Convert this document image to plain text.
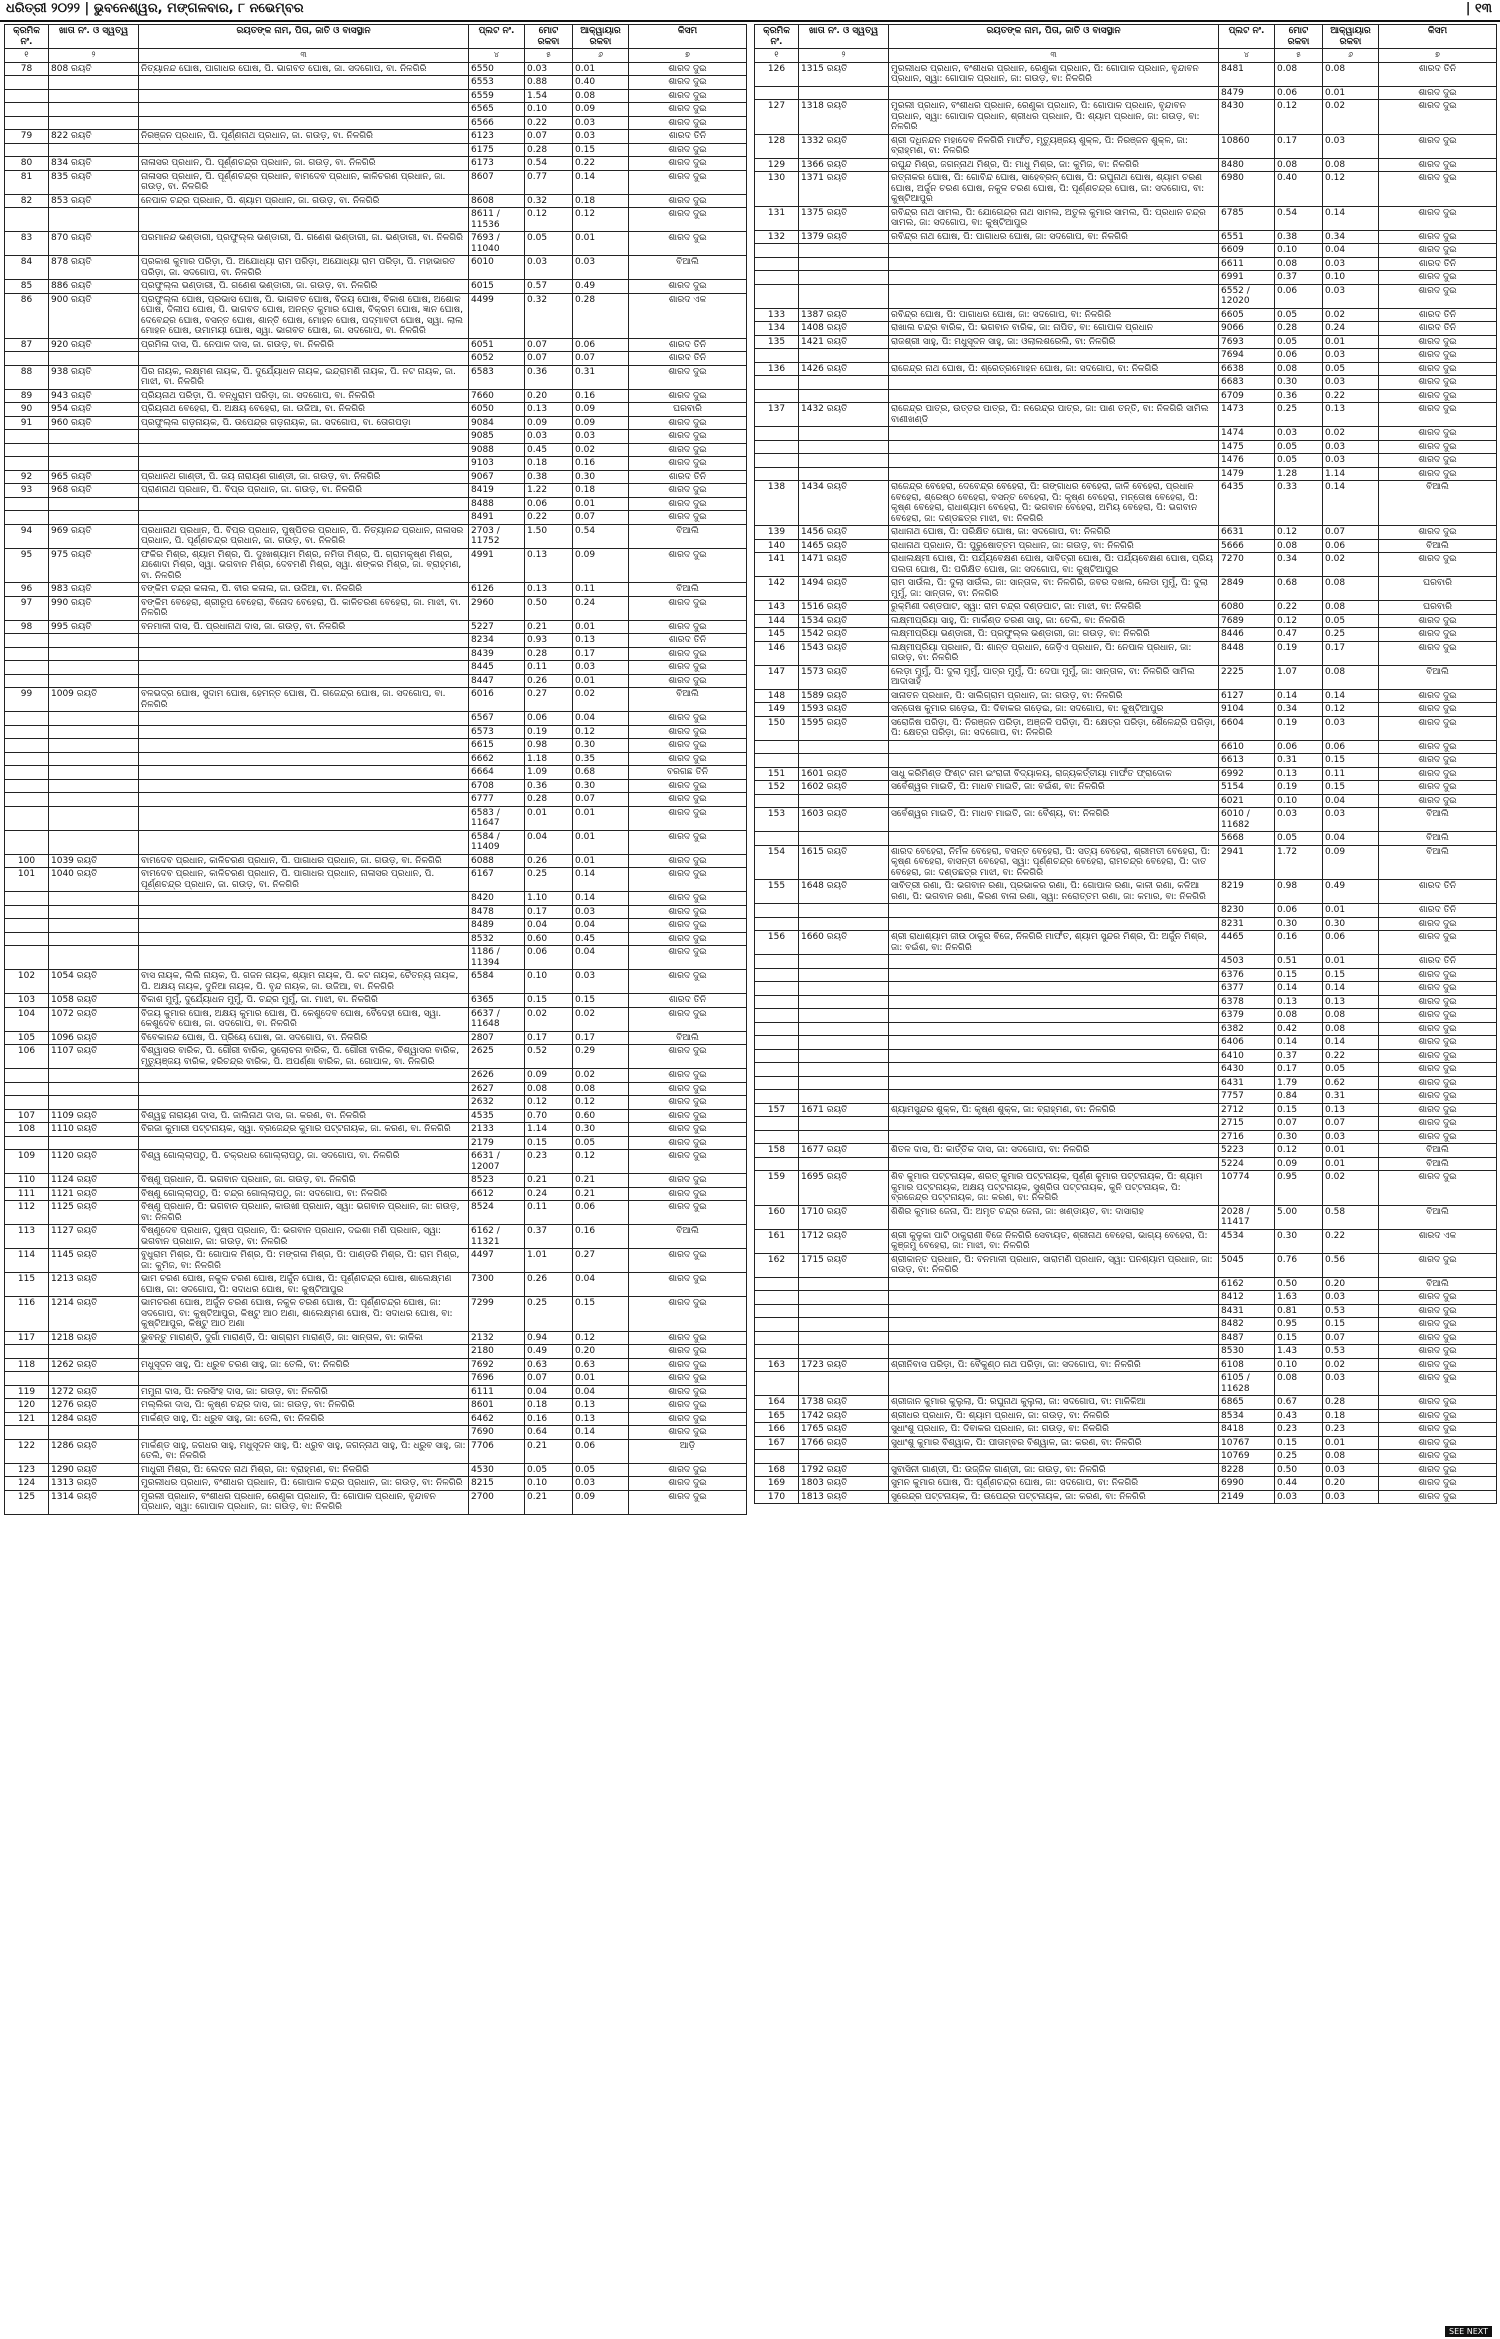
ଧରିତ୍ରୀ ୨୦୨୨ | ଭୁବନେଶ୍ୱର, ମଙ୍ଗଳବାର, ୮ ନଭେମ୍ବର	| ୧୩
କ୍ରମିକ ନଂ.	ଖାତା ନଂ. ଓ ସ୍ୱତ୍ୱ	ରୟତଙ୍କ ନାମ, ପିତା, ଜାତି ଓ ବାସସ୍ଥାନ	ପ୍ଲଟ ନଂ.	ମୋଟ ରକବା	ଆକ୍ୱାୟାର ରକବା	କିସମ
୧	୨	୩	୪	୫	୬	୭
78	808 ରୟତି	ନିତ୍ୟାନନ୍ଦ ଘୋଷ, ପାଗାଧର ଘୋଷ, ପି. ଭାଗବତ ଘୋଷ, ଜା. ସଦଗୋପ, ବା. ନିଳଗିରି	6550	0.03	0.01	ଶାରଦ ଦୁଇ
			6553	0.88	0.40	ଶାରଦ ଦୁଇ
			6559	1.54	0.08	ଶାରଦ ଦୁଇ
			6565	0.10	0.09	ଶାରଦ ଦୁଇ
			6566	0.22	0.03	ଶାରଦ ଦୁଇ
79	822 ରୟତି	ନିରଞ୍ଜନ ପ୍ରଧାନ, ପି. ପୂର୍ଣ୍ଣନାଥ ପ୍ରଧାନ, ଜା. ଗଉଡ଼, ବା. ନିଳଗିରି	6123	0.07	0.03	ଶାରଦ ତିନି
			6175	0.28	0.15	ଶାରଦ ଦୁଇ
80	834 ରୟତି	ନାଳାସର ପ୍ରଧାନ, ପି. ପୂର୍ଣ୍ଣଚନ୍ଦ୍ର ପ୍ରଧାନ, ଜା. ଗଉଡ଼, ବା. ନିଳଗିରି	6173	0.54	0.22	ଶାରଦ ଦୁଇ
81	835 ରୟତି	ନାଳାସର ପ୍ରଧାନ, ପି. ପୂର୍ଣ୍ଣଚନ୍ଦ୍ର ପ୍ରଧାନ, ବାମଦେବ ପ୍ରଧାନ, କାଳିଚରଣ ପ୍ରଧାନ, ଜା. ଗଉଡ଼, ବା. ନିଳଗିରି	8607	0.77	0.14	ଶାରଦ ଦୁଇ
82	853 ରୟତି	ନେପାଳ ଚନ୍ଦ୍ର ପ୍ରଧାନ, ପି. ଶ୍ୟାମ ପ୍ରଧାନ, ଜା. ଗଉଡ଼, ବା. ନିଳଗିରି	8608	0.32	0.18	ଶାରଦ ଦୁଇ
			8611 / 11536	0.12	0.12	ଶାରଦ ଦୁଇ
83	870 ରୟତି	ପରମାନନ୍ଦ ଭଣ୍ଡାରୀ, ପ୍ରଫୁଲ୍ଲ ଭଣ୍ଡାରୀ, ପି. ଗଣେଶ ଭଣ୍ଡାରୀ, ଜା. ଭଣ୍ଡାରୀ, ବା. ନିଳଗିରି	7693 / 11040	0.05	0.01	ଶାରଦ ଦୁଇ
84	878 ରୟତି	ପ୍ରକାଶ କୁମାର ପରିଡ଼ା, ପି. ଅଯୋଧ୍ୟା ରାମ ପରିଡ଼ା, ଅଯୋଧ୍ୟା ରାମ ପରିଡ଼ା, ପି. ମହାଭାରତ ପରିଡ଼ା, ଜା. ସଦଗୋପ, ବା. ନିଳଗିରି	6010	0.03	0.03	ବିଆଲି
85	886 ରୟତି	ପ୍ରଫୁଲ୍ଲ ଭଣ୍ଡାରୀ, ପି. ଗଣେଶ ଭଣ୍ଡାରୀ, ଜା. ଗଉଡ଼, ବା. ନିଳଗିରି	6015	0.57	0.49	ଶାରଦ ଦୁଇ
86	900 ରୟତି	ପ୍ରଫୁଲ୍ଲ ଘୋଷ, ପ୍ରଭାସ ଘୋଷ, ପି. ଭାଗବତ ଘୋଷ, ବିଜୟ ଘୋଷ, ବିକାଶ ଘୋଷ, ଅଶୋକ ଘୋଷ, ଦିଲୀପ ଘୋଷ, ପି. ଭାଗବତ ଘୋଷ, ଅନନ୍ତ କୁମାର ଘୋଷ, ବିକ୍ରମ ଘୋଷ, ଜ୍ଞାନ ଘୋଷ, ଦେବେନ୍ଦ୍ର ଘୋଷ, ବସନ୍ତ ଘୋଷ, ଶାନ୍ତି ଘୋଷ, ମୋହନ ଘୋଷ, ପଦ୍ମାବତୀ ଘୋଷ, ସ୍ୱା. ଲାଲ ମୋହନ ଘୋଷ, ଉମାମୟୀ ଘୋଷ, ସ୍ୱା. ଭାଗବତ ଘୋଷ, ଜା. ସଦଗୋପ, ବା. ନିଳଗିରି	4499	0.32	0.28	ଶାରଦ ଏକ
87	920 ରୟତି	ପ୍ରମିଳା ଦାସ, ପି. ନେପାଳ ଦାସ, ଜା. ଗଉଡ଼, ବା. ନିଳଗିରି	6051	0.07	0.06	ଶାରଦ ତିନି
			6052	0.07	0.07	ଶାରଦ ତିନି
88	938 ରୟତି	ପିର ନାୟକ, ଲକ୍ଷ୍ମଣ ନାୟକ, ପି. ଦୁର୍ଯ୍ୟୋଧନ ନାୟକ, ଇନ୍ଦ୍ରାମଣି ନାୟକ, ପି. ନଟ ନାୟକ, ଜା. ମାଝୀ, ବା. ନିଳଗିରି	6583	0.36	0.31	ଶାରଦ ଦୁଇ
89	943 ରୟତି	ପ୍ରିୟନାଥ ପରିଡ଼ା, ପି. ବନ୍ଧୁରାମ ପରିଡ଼ା, ଜା. ସଦଗୋପ, ବା. ନିଳଗିରି	7660	0.20	0.16	ଶାରଦ ଦୁଇ
90	954 ରୟତି	ପ୍ରିୟନାଥ ବେହେରା, ପି. ଅକ୍ଷୟ ବେହେରା, ଜା. ଉଜିଆ, ବା. ନିଳଗିରି	6050	0.13	0.09	ଘରବାରି
91	960 ରୟତି	ପ୍ରଫୁଲ୍ଲ ଗଡ଼ନାୟକ, ପି. ଉପେନ୍ଦ୍ର ଗଡ଼ନାୟକ, ଜା. ସଦଗୋପ, ବା. ତୋଗପଡ଼ା	9084	0.09	0.09	ଶାରଦ ଦୁଇ
			9085	0.03	0.03	ଶାରଦ ଦୁଇ
			9088	0.45	0.02	ଶାରଦ ଦୁଇ
			9103	0.18	0.16	ଶାରଦ ଦୁଇ
92	965 ରୟତି	ପ୍ରଧାନଥ ଗାଣ୍ଡୀ, ପି. ଜୟ ନାରାୟଣ ଗାଣ୍ଡୀ, ଜା. ଗଉଡ଼, ବା. ନିଳଗିରି	9067	0.38	0.30	ଶାରଦ ତିନି
93	968 ରୟତି	ପ୍ରାଣନାଥ ପ୍ରଧାନ, ପି. ବିପ୍ର ପ୍ରଧାନ, ଜା. ଗଉଡ଼, ବା. ନିଳଗିରି	8419	1.22	0.18	ଶାରଦ ଦୁଇ
			8488	0.06	0.01	ଶାରଦ ଦୁଇ
			8491	0.22	0.07	ଶାରଦ ଦୁଇ
94	969 ରୟତି	ପ୍ରଧାନାଥ ପ୍ରଧାନ, ପି. ବିପ୍ର ପ୍ରଧାନ, ପୁଷ୍ପିତର ପ୍ରଧାନ, ପି. ନିତ୍ୟାନନ୍ଦ ପ୍ରଧାନ, ନାଳାସର ପ୍ରଧାନ, ପି. ପୂର୍ଣ୍ଣଚନ୍ଦ୍ର ପ୍ରଧାନ, ଜା. ଗଉଡ଼, ବା. ନିଳଗିରି	2703 / 11752	1.50	0.54	ବିଆଲି
95	975 ରୟତି	ଫକିର ମିଶ୍ର, ଶ୍ୟାମ ମିଶ୍ର, ପି. ଦୁଃଖଶ୍ୟାମ ମିଶ୍ର, ନମିତା ମିଶ୍ର, ପି. ଗ୍ରାମକୃଷ୍ଣ ମିଶ୍ର, ଯଶୋଦା ମିଶ୍ର, ସ୍ୱା. ଭଗବାନ ମିଶ୍ର, ଦେବମଣି ମିଶ୍ର, ସ୍ୱା. ଶଙ୍କର ମିଶ୍ର, ଜା. ବ୍ରାହ୍ମଣ, ବା. ନିଳଗିରି	4991	0.13	0.09	ଶାରଦ ଦୁଇ
96	983 ରୟତି	ବଙ୍କିମ ଚନ୍ଦ୍ର କଳାଲ, ପି. ବୀର କଳାଲ, ଜା. ଉଜିଆ, ବା. ନିଳଗିରି	6126	0.13	0.11	ବିଆଲି
97	990 ରୟତି	ବଙ୍କିମ ବେହେରା, ଶ୍ରୀରୂପ ବେହେରା, ବିନୋଦ ବେହେରା, ପି. କାଳିଚରଣ ବେହେରା, ଜା. ମାଝୀ, ବା. ନିଳଗିରି	2960	0.50	0.24	ଶାରଦ ଦୁଇ
98	995 ରୟତି	ବନମାଳୀ ଦାସ, ପି. ପ୍ରଧାନାଥ ଦାସ, ଜା. ଗଉଡ଼, ବା. ନିଳଗିରି	5227	0.21	0.01	ଶାରଦ ଦୁଇ
			8234	0.93	0.13	ଶାରଦ ତିନି
			8439	0.28	0.17	ଶାରଦ ଦୁଇ
			8445	0.11	0.03	ଶାରଦ ଦୁଇ
			8447	0.26	0.01	ଶାରଦ ଦୁଇ
99	1009 ରୟତି	ବଳଭଦ୍ର ଘୋଷ, ସୁଦାମ ଘୋଷ, ହେମନ୍ତ ଘୋଷ, ପି. ଗଜେନ୍ଦ୍ର ଘୋଷ, ଜା. ସଦଗୋପ, ବା. ନିଳଗିରି	6016	0.27	0.02	ବିଆଲି
			6567	0.06	0.04	ଶାରଦ ଦୁଇ
			6573	0.19	0.12	ଶାରଦ ଦୁଇ
			6615	0.98	0.30	ଶାରଦ ଦୁଇ
			6662	1.18	0.35	ଶାରଦ ଦୁଇ
			6664	1.09	0.68	ବରଗଛ ତିନି
			6708	0.36	0.30	ଶାରଦ ଦୁଇ
			6777	0.28	0.07	ଶାରଦ ଦୁଇ
			6583 / 11647	0.01	0.01	ଶାରଦ ଦୁଇ
			6584 / 11409	0.04	0.01	ଶାରଦ ଦୁଇ
100	1039 ରୟତି	ବାମଦେବ ପ୍ରଧାନ, କାଳିଚରଣ ପ୍ରଧାନ, ପି. ପାଗାଧର ପ୍ରଧାନ, ଜା. ଗଉଡ଼, ବା. ନିଳଗିରି	6088	0.26	0.01	ଶାରଦ ଦୁଇ
101	1040 ରୟତି	ବାମଦେବ ପ୍ରଧାନ, କାଳିଚରଣ ପ୍ରଧାନ, ପି. ପାଗାଧର ପ୍ରଧାନ, ନାଳାସର ପ୍ରଧାନ, ପି. ପୂର୍ଣ୍ଣଚନ୍ଦ୍ର ପ୍ରଧାନ, ଜା. ଗଉଡ଼, ବା. ନିଳଗିରି	6167	0.25	0.14	ଶାରଦ ଦୁଇ
			8420	1.10	0.14	ଶାରଦ ଦୁଇ
			8478	0.17	0.03	ଶାରଦ ଦୁଇ
			8489	0.04	0.04	ଶାରଦ ଦୁଇ
			8532	0.60	0.45	ଶାରଦ ଦୁଇ
			1186 / 11394	0.06	0.04	ଶାରଦ ଦୁଇ
102	1054 ରୟତି	ବାସ ନାୟକ, ଲିଲି ନାୟକ, ପି. ଗଜନ ନାୟକ, ଶ୍ୟାମ ନାୟକ, ପି. କଟ ନାୟକ, ଚୈତନ୍ୟ ନାୟକ, ପି. ଅକ୍ଷୟ ନାୟକ, ଦୁନିଆ ନାୟକ, ପି. ବୃନ୍ଦ ନାୟକ, ଜା. ଉଜିଆ, ବା. ନିଳଗିରି	6584	0.10	0.03	ଶାରଦ ଦୁଇ
103	1058 ରୟତି	ବିକାଶ ମୁର୍ମୁ, ଦୁର୍ଯ୍ୟୋଧନ ମୁର୍ମୁ, ପି. ଚନ୍ଦ୍ର ମୁର୍ମୁ, ଜା. ମାଝୀ, ବା. ନିଳଗିରି	6365	0.15	0.15	ଶାରଦ ତିନି
104	1072 ରୟତି	ବିଜୟ କୁମାର ଘୋଷ, ଅକ୍ଷୟ କୁମାର ଘୋଷ, ପି. କେଶୁଦେବ ଘୋଷ, ବୈଦେହୀ ଘୋଷ, ସ୍ୱା. କେଶୁଦେବ ଘୋଷ, ଜା. ସଦଗୋପ, ବା. ନିଳଗିରି	6637 / 11648	0.02	0.02	ଶାରଦ ଦୁଇ
105	1096 ରୟତି	ବିବେକାନନ୍ଦ ଘୋଷ, ପି. ପ୍ରିୟେ ଘୋଷ, ଜା. ସଦଗୋପ, ବା. ନିଳଗିରି	2807	0.17	0.17	ବିଆଲି
106	1107 ରୟତି	ବିଶ୍ୱାସର ବାରିକ, ପି. ଗୌରୀ ବାରିକ, ସୁଲୋଚନା ବାରିକ, ପି. ଗୌରୀ ବାରିକ, ବିଶ୍ୱାସର ବାରିକ, ମୃତ୍ୟୁଞ୍ଜୟ ବାରିକ, ହରିଚନ୍ଦ୍ର ବାରିକ, ପି. ଅପର୍ଣ୍ଣା ବାରିକ, ଜା. ଗୋପାଳ, ବା. ନିଳଗିରି	2625	0.52	0.29	ଶାରଦ ଦୁଇ
			2626	0.09	0.02	ଶାରଦ ଦୁଇ
			2627	0.08	0.08	ଶାରଦ ଦୁଇ
			2632	0.12	0.12	ଶାରଦ ଦୁଇ
107	1109 ରୟତି	ବିଶ୍ୱନ୍ଥ ନାରାୟଣ ଦାସ, ପି. ଜାଲିନାଥ ଦାସ, ଜା. କରଣ, ବା. ନିଳଗିରି	4535	0.70	0.60	ଶାରଦ ଦୁଇ
108	1110 ରୟତି	ବିରଜା କୁମାରୀ ପଟ୍ଟନାୟକ, ସ୍ୱା. ବ୍ରଜେନ୍ଦ୍ର କୁମାର ପଟ୍ଟନାୟକ, ଜା. କରଣ, ବା. ନିଳଗିରି	2133	1.14	0.30	ଶାରଦ ଦୁଇ
			2179	0.15	0.05	ଶାରଦ ଦୁଇ
109	1120 ରୟତି	ବିଶ୍ୱ ଗୋଲ୍ଲାପଠୁ, ପି. ଚକ୍ରଧର ଗୋଲ୍ଲାପଠୁ, ଜା. ସଦଗୋପ, ବା. ନିଳଗିରି	6631 / 12007	0.23	0.12	ଶାରଦ ଦୁଇ
110	1124 ରୟତି	ବିଷ୍ଣୁ ପ୍ରଧାନ, ପି. ଭଗବାନ ପ୍ରଧାନ, ଜା. ଗଉଡ଼, ବା. ନିଳଗିରି	8523	0.21	0.21	ଶାରଦ ଦୁଇ
111	1121 ରୟତି	ବିଷ୍ଣୁ ଗୋଲ୍ଲାପଠୁ, ପି: ଚନ୍ଦ୍ର ଗୋଲ୍ଲାପଠୁ, ଜା: ସଦଗୋପ, ବା: ନିଳଗିରି	6612	0.24	0.21	ଶାରଦ ଦୁଇ
112	1125 ରୟତି	ବିଷ୍ଣୁ ପ୍ରଧାନ, ପି: ଭଗବାନ ପ୍ରଧାନ, କାଉଖୀ ପ୍ରଧାନ, ସ୍ୱା: ଭଗବାନ ପ୍ରଧାନ, ଜା: ଗଉଡ଼, ବା: ନିଳଗିରି	8524	0.11	0.06	ଶାରଦ ଦୁଇ
113	1127 ରୟତି	ବିଷ୍ଣୁଦେବ ପ୍ରଧାନ, ପୁଷ୍ପ ପ୍ରଧାନ, ପି: ଭଗବାନ ପ୍ରଧାନ, ଦଇଶା ମଣି ପ୍ରଧାନ, ସ୍ୱା: ଭଗବାନ ପ୍ରଧାନ, ଜା: ଗଉଡ଼, ବା: ନିଳଗିରି	6162 / 11321	0.37	0.16	ବିଆଲି
114	1145 ରୟତି	ବୁଧୁରାମ ମିଶ୍ର, ପି: ଗୋପାଳ ମିଶ୍ର, ପି: ମଙ୍ଗଳା ମିଶ୍ର, ପି: ପାଣ୍ଡରି ମିଶ୍ର, ପି: ରାମ ମିଶ୍ର, ଜା: କୁମିଜ, ବା: ନିଳଗିରି	4497	1.01	0.27	ଶାରଦ ଦୁଇ
115	1213 ରୟତି	ଭାମ ଚରଣ ଘୋଷ, ନକୁଳ ଚରଣ ଘୋଷ, ଅର୍ଜୁନ ଘୋଷ, ପି: ପୂର୍ଣ୍ଣଚନ୍ଦ୍ର ଘୋଷ, ଶାଲେକ୍ଷ୍ମଣ ଘୋଷ, ଜା: ସଦଗୋପ, ପି: ସଦାଧର ଘୋଷ, ବା: କୁଷ୍ଟିଆପୁର	7300	0.26	0.04	ଶାରଦ ଦୁଇ
116	1214 ରୟତି	ଭାମଚରଣ ଘୋଷ, ଅର୍ଜୁନ ଚରଣ ଘୋଷ, ନକୁଳ ଚରଣ ଘୋଷ, ପି: ପୂର୍ଣ୍ଣଚନ୍ଦ୍ର ଘୋଷ, ଜା: ସଦଗୋପ, ବା: କୁଷ୍ଟିଆପୁର, କିଷ୍ଟୁ ଆଠ ଅଣା, ଶାଲେକ୍ଷ୍ମଣ ଘୋଷ, ପି: ସଦାଧର ଘୋଷ, ବା: କୁଷ୍ଟିଆପୁର, କିଷ୍ଟୁ ଆଠ ଅଣା	7299	0.25	0.15	ଶାରଦ ଦୁଇ
117	1218 ରୟତି	ଭୁବନ୍ତୁ ମାରାଣ୍ଡି, ଦୁର୍ଗା ମାରାଣ୍ଡି, ପି: ସାଗ୍ରାମ ମାରାଣ୍ଡି, ଜା: ସାନ୍ତାଳ, ବା: କାଳିକା	2132	0.94	0.12	ଶାରଦ ଦୁଇ
			2180	0.49	0.20	ଶାରଦ ଦୁଇ
118	1262 ରୟତି	ମଧୁସୂଦନ ସାହୁ, ପି: ଧ୍ରୁବ ଚରଣ ସାହୁ, ଜା: ତେଲି, ବା: ନିଳଗିରି	7692	0.63	0.63	ଶାରଦ ଦୁଇ
			7696	0.07	0.01	ଶାରଦ ଦୁଇ
119	1272 ରୟତି	ମମୁନା ଦାସ, ପି: ନରସିଂହ ଦାସ, ଜା: ଗଉଡ଼, ବା: ନିଳଗିରି	6111	0.04	0.04	ଶାରଦ ଦୁଇ
120	1276 ରୟତି	ମଲ୍ଲିକା ଦାସ, ପି: କୃଷ୍ଣ ଚନ୍ଦ୍ର ଦାସ, ଜା: ଗଉଡ଼, ବା: ନିଳଗିରି	8601	0.18	0.13	ଶାରଦ ଦୁଇ
121	1284 ରୟତି	ମାର୍କଣ୍ଡ ସାହୁ, ପି: ଧ୍ରୁବ ସାହୁ, ଜା: ତେଲି, ବା: ନିଳଗିରି	6462	0.16	0.13	ଶାରଦ ଦୁଇ
			7690	0.64	0.14	ଶାରଦ ଦୁଇ
122	1286 ରୟତି	ମାର୍କଣ୍ଡ ସାହୁ, ଜଗଧର ସାହୁ, ମଧୁସୂଦନ ସାହୁ, ପି: ଧ୍ରୁବ ସାହୁ, ଜଗନ୍ନାଥ ସାହୁ, ପି: ଧ୍ରୁବ ସାହୁ, ଜା: ତେଲି, ବା: ନିଳଗିରି	7706	0.21	0.06	ଆଡ଼ି
123	1290 ରୟତି	ମାଧୁରୀ ମିଶ୍ର, ପି: ଲେଦନ ନାଥ ମିଶ୍ର, ଜା: ବ୍ରାହ୍ମଣ, ବା: ନିଳଗିରି	4530	0.05	0.05	ଶାରଦ ଦୁଇ
124	1313 ରୟତି	ମୁରଲୀଧର ପ୍ରଧାନ, ବଂଶୀଧର ପ୍ରଧାନ, ପି: ଗୋପାଳ ଚନ୍ଦ୍ର ପ୍ରଧାନ, ଜା: ଗଉଡ଼, ବା: ନିଳଗିରି	8215	0.10	0.03	ଶାରଦ ଦୁଇ
125	1314 ରୟତି	ମୁରଲୀ ପ୍ରଧାନ, ବଂଶୀଧର ପ୍ରଧାନ, ରେଣୁକା ପ୍ରଧାନ, ପି: ଗୋପାଳ ପ୍ରଧାନ, ବୃନ୍ଦାବନ ପ୍ରଧାନ, ସ୍ୱା: ଗୋପାଳ ପ୍ରଧାନ, ଜା: ଗଉଡ଼, ବା: ନିଳଗିରି	2700	0.21	0.09	ଶାରଦ ଦୁଇ
କ୍ରମିକ ନଂ.	ଖାତା ନଂ. ଓ ସ୍ୱତ୍ୱ	ରୟତଙ୍କ ନାମ, ପିତା, ଜାତି ଓ ବାସସ୍ଥାନ	ପ୍ଲଟ ନଂ.	ମୋଟ ରକବା	ଆକ୍ୱାୟାର ରକବା	କିସମ
୧	୨	୩	୪	୫	୬	୭
126	1315 ରୟତି	ମୁରଲୀଧର ପ୍ରଧାନ, ବଂଶୀଧର ପ୍ରଧାନ, ରେଣୁକା ପ୍ରଧାନ, ପି: ଗୋପାଳ ପ୍ରଧାନ, ବୃନ୍ଦାବନ ପ୍ରଧାନ, ସ୍ୱା: ଗୋପାଳ ପ୍ରଧାନ, ଜା: ଗଉଡ଼, ବା: ନିଳଗିରି	8481	0.08	0.08	ଶାରଦ ତିନି
			8479	0.06	0.01	ଶାରଦ ଦୁଇ
127	1318 ରୟତି	ମୁରଲୀ ପ୍ରଧାନ, ବଂଶୀଧର ପ୍ରଧାନ, ରେଣୁକା ପ୍ରଧାନ, ପି: ଗୋପାଳ ପ୍ରଧାନ, ବୃନ୍ଦାବନ ପ୍ରଧାନ, ସ୍ୱା: ଗୋପାଳ ପ୍ରଧାନ, ଶ୍ରୀଧର ପ୍ରଧାନ, ପି: ଶ୍ୟାମ ପ୍ରଧାନ, ଜା: ଗଉଡ଼, ବା: ନିଳଗିରି	8430	0.12	0.02	ଶାରଦ ଦୁଇ
128	1332 ରୟତି	ଶ୍ରୀ ଦଧିନନ୍ଦନ ମହାଦେବ ନିଳଗିରି ମାର୍ଫତ, ମୃତ୍ୟୁଞ୍ଜୟ ଶୁକ୍ଳ, ପି: ନିରଞ୍ଜନ ଶୁକ୍ଳ, ଜା: ବ୍ରାହ୍ମଣ, ବା: ନିଳଗିରି	10860	0.17	0.03	ଶାରଦ ଦୁଇ
129	1366 ରୟତି	ରଘୁନ୍ଦ ମିଶ୍ର, ଜଗନ୍ନାଥ ମିଶ୍ର, ପି: ମାଧୁ ମିଶ୍ର, ଜା: କୁମିଜ, ବା: ନିଳଗିରି	8480	0.08	0.08	ଶାରଦ ଦୁଇ
130	1371 ରୟତି	ରତ୍ନାକର ଘୋଷ, ପି: ଗୋବିନ୍ଦ ଘୋଷ, ସାହେବ୍ରନ୍ ଘୋଷ, ପି: ରଘୁନାଥ ଘୋଷ, ଶ୍ୟାମ ଚରଣ ଘୋଷ, ଅର୍ଜୁନ ଚରଣ ଘୋଷ, ନକୁଳ ଚରଣ ଘୋଷ, ପି: ପୂର୍ଣ୍ଣଚନ୍ଦ୍ର ଘୋଷ, ଜା: ସଦଗୋପ, ବା: କୁଷ୍ଟିଆପୁର	6980	0.40	0.12	ଶାରଦ ଦୁଇ
131	1375 ରୟତି	ରବିନ୍ଦ୍ର ନାଥ ସାମଲ, ପି: ଯୋଗେନ୍ଦ୍ର ନାଥ ସାମଲ, ଅତୁଲ କୁମାର ସାମଲ, ପି: ପ୍ରଧାନ ଚନ୍ଦ୍ର ସାମଲ, ଜା: ସଦଗୋପ, ବା: କୁଷ୍ଟିଆପୁର	6785	0.54	0.14	ଶାରଦ ଦୁଇ
132	1379 ରୟତି	ରବିନ୍ଦ୍ର ନାଥ ଘୋଷ, ପି: ପାଗାଧର ଘୋଷ, ଜା: ସଦଗୋପ, ବା: ନିଳଗିରି	6551	0.38	0.34	ଶାରଦ ଦୁଇ
			6609	0.10	0.04	ଶାରଦ ଦୁଇ
			6611	0.08	0.03	ଶାରଦ ତିନି
			6991	0.37	0.10	ଶାରଦ ଦୁଇ
			6552 / 12020	0.06	0.03	ଶାରଦ ଦୁଇ
133	1387 ରୟତି	ରବିନ୍ଦ୍ର ଘୋଷ, ପି: ପାଗାଧର ଘୋଷ, ଜା: ସଦଗୋପ, ବା: ନିଳଗିରି	6605	0.05	0.02	ଶାରଦ ତିନି
134	1408 ରୟତି	ରାଖାଲ ଚନ୍ଦ୍ର ବାରିକ, ପି: ଭଗବାନ ବାରିକ, ଜା: ନାପିତ, ବା: ଗୋପାଳ ପ୍ରଧାନ	9066	0.28	0.24	ଶାରଦ ତିନି
135	1421 ରୟତି	ରାଜଶ୍ରୀ ସାହୁ, ପି: ମଧୁସୂଦନ ସାହୁ, ଜା: ଓଲାଲଶରେଲି, ବା: ନିଳଗିରି	7693	0.05	0.01	ଶାରଦ ଦୁଇ
			7694	0.06	0.03	ଶାରଦ ଦୁଇ
136	1426 ରୟତି	ରାଜେନ୍ଦ୍ର ନାଥ ଘୋଷ, ପି: ଶ୍ରେତ୍ରମୋହନ ଘୋଷ, ଜା: ସଦଗୋପ, ବା: ନିଳଗିରି	6638	0.08	0.05	ଶାରଦ ଦୁଇ
			6683	0.30	0.03	ଶାରଦ ଦୁଇ
			6709	0.36	0.22	ଶାରଦ ଦୁଇ
137	1432 ରୟତି	ରାଜେନ୍ଦ୍ର ପାତ୍ର, ଉତ୍ତର ପାତ୍ର, ପି: ନରେନ୍ଦ୍ର ପାତ୍ର, ଜା: ପାଣ ତନ୍ତି, ବା: ନିଳଗିରି ସାମିଲ ବାଣୀଖଣ୍ଡି	1473	0.25	0.13	ଶାରଦ ଦୁଇ
			1474	0.03	0.02	ଶାରଦ ଦୁଇ
			1475	0.05	0.03	ଶାରଦ ଦୁଇ
			1476	0.05	0.03	ଶାରଦ ଦୁଇ
			1479	1.28	1.14	ଶାରଦ ଦୁଇ
138	1434 ରୟତି	ରାଜେନ୍ଦ୍ର ବେହେରା, ଦେବେନ୍ଦ୍ର ବେହେରା, ପି: ଗଙ୍ଗାଧର ବେହେରା, ଜାଳି ବେହେରା, ପ୍ରଧାନ ବେହେରା, ଶ୍ରେଷ୍ଠ ବେହେରା, ବସନ୍ତ ବେହେରା, ପି: କୃଷ୍ଣ ବେହେରା, ମନ୍ତୋଷ ବେହେରା, ପି: କୃଷ୍ଣ ବେହେରା, ରାଧାଶ୍ୟାମ ବେହେରା, ପି: ଭଗବାନ ବେହେରା, ଅମିୟ ବେହେରା, ପି: ଭଗବାନ ବେହେରା, ଜା: ଦଣ୍ଡଛତ୍ର ମାଝୀ, ବା: ନିଳଗିରି	6435	0.33	0.14	ବିଆଲି
139	1456 ରୟତି	ରାଧାନାଥ ଘୋଷ, ପି: ପରିକ୍ଷିତ ଘୋଷ, ଜା: ସଦଗୋପ, ବା: ନିଳଗିରି	6631	0.12	0.07	ଶାରଦ ଦୁଇ
140	1465 ରୟତି	ରାଧାନାଥ ପ୍ରଧାନ, ପି: ପୁରୁଷୋତ୍ତମ ପ୍ରଧାନ, ଜା: ଗଉଡ଼, ବା: ନିଳଗିରି	5666	0.08	0.06	ବିଆଲି
141	1471 ରୟତି	ରାଧାଲକ୍ଷ୍ମୀ ଘୋଷ, ପି: ପର୍ଯ୍ୟବେକ୍ଷଣ ଘୋଷ, ସାବିତ୍ରୀ ଘୋଷ, ପି: ପର୍ଯ୍ୟବେକ୍ଷଣ ଘୋଷ, ପ୍ରିୟ ପଲତା ଘୋଷ, ପି: ପରିକ୍ଷିତ ଘୋଷ, ଜା: ସଦଗୋପ, ବା: କୁଷ୍ଟିଆପୁର	7270	0.34	0.02	ଶାରଦ ଦୁଇ
142	1494 ରୟତି	ରାମ ସାଉଁଲ, ପି: ଦୁଲା ସାଉଁଲ, ଜା: ସାନ୍ତାଳ, ବା: ନିଳଗିରି, ଜବର ଦଖଲ, ଲେଡା ମୁର୍ମୁ, ପି: ଦୁଲା ମୁର୍ମୁ, ଜା: ସାନ୍ତାଳ, ବା: ନିଳଗିରି	2849	0.68	0.08	ଘରବାରି
143	1516 ରୟତି	ରୁକ୍ମିଣୀ ଦଣ୍ଡପାଟ, ସ୍ୱା: ରାମ ଚନ୍ଦ୍ର ଦଣ୍ଡପାଟ, ଜା: ମାଝୀ, ବା: ନିଳଗିରି	6080	0.22	0.08	ଘରବାରି
144	1534 ରୟତି	ଲକ୍ଷ୍ମୀପ୍ରିୟା ସାହୁ, ପି: ମାର୍କଣ୍ଡ ଚରଣ ସାହୁ, ଜା: ତେଲି, ବା: ନିଳଗିରି	7689	0.12	0.05	ଶାରଦ ଦୁଇ
145	1542 ରୟତି	ଲକ୍ଷ୍ମୀପ୍ରିୟା ଭଣ୍ଡାରୀ, ପି: ପ୍ରଫୁଲ୍ଲ ଭଣ୍ଡାରୀ, ଜା: ଗଉଡ଼, ବା: ନିଳଗିରି	8446	0.47	0.25	ଶାରଦ ଦୁଇ
146	1543 ରୟତି	ଲକ୍ଷ୍ମୀପ୍ରିୟା ପ୍ରଧାନ, ପି: ଶାନ୍ତ ପ୍ରଧାନ, ଜେଡ଼ିଏ ପ୍ରଧାନ, ପି: ନେପାଳ ପ୍ରଧାନ, ଜା: ଗଉଡ଼, ବା: ନିଳଗିରି	8448	0.19	0.17	ଶାରଦ ଦୁଇ
147	1573 ରୟତି	ଲେଡ଼ା ମୁର୍ମୁ, ପି: ଦୁଲା ମୁର୍ମୁ, ପାତ୍ର ମୁର୍ମୁ, ପି: ଦେପା ମୁର୍ମୁ, ଜା: ସାନ୍ତାଳ, ବା: ନିଳଗିରି ସାମିଲ ଆଦାସାହି	2225	1.07	0.08	ବିଆଲି
148	1589 ରୟତି	ସାନାତନ ପ୍ରଧାନ, ପି: ସାଲିଗ୍ରାମ ପ୍ରଧାନ, ଜା: ଗଉଡ଼, ବା: ନିଳଗିରି	6127	0.14	0.14	ଶାରଦ ଦୁଇ
149	1593 ରୟତି	ସନ୍ତୋଷ କୁମାର ଗଡ଼େଇ, ପି: ଦିବାକର ଗଡ଼େଇ, ଜା: ସଦଗୋପ, ବା: କୁଷ୍ଟିଆପୁର	9104	0.34	0.12	ଶାରଦ ଦୁଇ
150	1595 ରୟତି	ସରୋଜିଷ ପରିଡ଼ା, ପି: ନିରଞ୍ଜନ ପରିଡ଼ା, ଅଞ୍ଜଳି ପରିଡ଼ା, ପି: କ୍ଷେତ୍ର ପରିଡ଼ା, ଶୈଳେନ୍ଦ୍ରି ପରିଡ଼ା, ପି: କ୍ଷେତ୍ର ପରିଡ଼ା, ଜା: ସଦଗୋପ, ବା: ନିଳଗିରି	6604	0.19	0.03	ଶାରଦ ଦୁଇ
			6610	0.06	0.06	ଶାରଦ ଦୁଇ
			6613	0.31	0.15	ଶାରଦ ଦୁଇ
151	1601 ରୟତି	ସାଧୁ କରିମିଣ୍ଡ ଫିଣ୍ଟ ନାମ ଇଂରାଜୀ ବିଦ୍ୟାଳୟ, ରାଜ୍ୟକର୍ତ୍ତୀୟା ମାର୍ଫତ ଫ୍ରାଦୋକ	6992	0.13	0.11	ଶାରଦ ଦୁଇ
152	1602 ରୟତି	ସର୍ବେଶ୍ୱର ମାଇତି, ପି: ମାଧବ ମାଇତି, ଜା: ବଇଁଶ, ବା: ନିଳଗିରି	5154	0.19	0.15	ଶାରଦ ଦୁଇ
			6021	0.10	0.04	ଶାରଦ ଦୁଇ
153	1603 ରୟତି	ସର୍ବେଶ୍ୱର ମାଇତି, ପି: ମାଧବ ମାଇତି, ଜା: ବୈଶ୍ୟ, ବା: ନିଳଗିରି	6010 / 11682	0.03	0.03	ବିଆଲି
			5668	0.05	0.04	ବିଆଲି
154	1615 ରୟତି	ଶାରଦ ବେହେରା, ନିର୍ମଳ ବେହେରା, ବସନ୍ତ ବେହେରା, ପି: ସତ୍ୟ ବେହେରା, ଶ୍ରୀମତୀ ବେହେରା, ପି: କୃଷ୍ଣ ବେହେରା, ବାସନ୍ତୀ ବେହେରା, ସ୍ୱା: ପୂର୍ଣ୍ଣଚନ୍ଦ୍ର ବେହେରା, ରାମଚନ୍ଦ୍ର ବେହେରା, ପି: ଦାତ ବେହେରା, ଜା: ଦଣ୍ଡଛତ୍ର ମାଝୀ, ବା: ନିଳଗିରି	2941	1.72	0.09	ବିଆଲି
155	1648 ରୟତି	ସାବିତ୍ରୀ ରଣା, ପି: ଭଗବାନ ରଣା, ପ୍ରଭାକର ରଣା, ପି: ଗୋପାଳ ରଣା, କାଳୀ ରଣା, କଳିଆ ରଣା, ପି: ଭଗବାନ ରଣା, କିରଣ ବାଳା ରଣା, ସ୍ୱା: ନରୋତ୍ତମ ରଣା, ଜା: କମାର, ବା: ନିଳଗିରି	8219	0.98	0.49	ଶାରଦ ତିନି
			8230	0.06	0.01	ଶାରଦ ତିନି
			8231	0.30	0.30	ଶାରଦ ଦୁଇ
156	1660 ରୟତି	ଶ୍ରୀ ରାଧାଶ୍ୟାମ ଜୀଉ ଠାକୁର ବିଜେ, ନିଳଗିରି ମାର୍ଫତ, ଶ୍ୟାମ ସୁନ୍ଦର ମିଶ୍ର, ପି: ଅର୍ଜୁନ ମିଶ୍ର, ଜା: ବଇଁଶ, ବା: ନିଳଗିରି	4465	0.16	0.06	ଶାରଦ ଦୁଇ
			4503	0.51	0.01	ଶାରଦ ତିନି
			6376	0.15	0.15	ଶାରଦ ଦୁଇ
			6377	0.14	0.14	ଶାରଦ ଦୁଇ
			6378	0.13	0.13	ଶାରଦ ଦୁଇ
			6379	0.08	0.08	ଶାରଦ ଦୁଇ
			6382	0.42	0.08	ଶାରଦ ଦୁଇ
			6406	0.14	0.14	ଶାରଦ ଦୁଇ
			6410	0.37	0.22	ଶାରଦ ଦୁଇ
			6430	0.17	0.05	ଶାରଦ ଦୁଇ
			6431	1.79	0.62	ଶାରଦ ଦୁଇ
			7757	0.84	0.31	ଶାରଦ ଦୁଇ
157	1671 ରୟତି	ଶ୍ୟାମସୁନ୍ଦର ଶୁକ୍ଳ, ପି: କୃଷ୍ଣ ଶୁକ୍ଳ, ଜା: ବ୍ରାହ୍ମଣ, ବା: ନିଳଗିରି	2712	0.15	0.13	ଶାରଦ ଦୁଇ
			2715	0.07	0.07	ଶାରଦ ଦୁଇ
			2716	0.30	0.03	ଶାରଦ ଦୁଇ
158	1677 ରୟତି	ଶିତଳ ଦାସ, ପି: କାର୍ତ୍ତିକ ଦାସ, ଜା: ସଦଗୋପ, ବା: ନିଳଗିରି	5223	0.12	0.01	ବିଆଲି
			5224	0.09	0.01	ବିଆଲି
159	1695 ରୟତି	ଶିବ କୁମାର ପଟ୍ଟନାୟକ, ଶରତ୍ କୁମାର ପଟ୍ଟନାୟକ, ପୂର୍ଣ୍ଣ କୁମାର ପଟ୍ଟନାୟକ, ପି: ଶ୍ୟାମ କୁମାର ପଟ୍ଟନାୟକ, ଅକ୍ଷୟ ପଟ୍ଟନାୟକ, ସୁଶ୍ରିତା ପଟ୍ଟନାୟକ, କୁନି ପଟ୍ଟନାୟକ, ପି: ବ୍ରଜେନ୍ଦ୍ର ପଟ୍ଟନାୟକ, ଜା: କରଣ, ବା: ନିଳଗିରି	10774	0.95	0.02	ଶାରଦ ଦୁଇ
160	1710 ରୟତି	ଶିଶିର କୁମାର ଜେନା, ପି: ଅମୃତ ଚନ୍ଦ୍ର ଜେନା, ଜା: ଖଣ୍ଡାୟତ, ବା: ଦାସାରାହ	2028 / 11417	5.00	0.58	ବିଆଲି
161	1712 ରୟତି	ଶ୍ରୀ କୁଳୁକା ପାଟି ଠାକୁରାଣୀ ବିଜେ ନିଳଗିରି ସେବାୟତ, ଶ୍ରୀନାଥ ବେହେରା, ଭାଗ୍ୟ ବେହେରା, ପି: କୁଞ୍ଜମୁ ବେହେରା, ଜା: ମାଝୀ, ବା: ନିଳଗିରି	4534	0.30	0.22	ଶାରଦ ଏକ
162	1715 ରୟତି	ଶ୍ରୀକାନ୍ତ ପ୍ରଧାନ, ପି: ବନମାଳୀ ପ୍ରଧାନ, ସାରାମଣି ପ୍ରଧାନ, ସ୍ୱା: ଘନଶ୍ୟାମ ପ୍ରଧାନ, ଜା: ଗଉଡ଼, ବା: ନିଳଗିରି	5045	0.76	0.56	ଶାରଦ ଦୁଇ
			6162	0.50	0.20	ବିଆଲି
			8412	1.63	0.03	ଶାରଦ ଦୁଇ
			8431	0.81	0.53	ଶାରଦ ଦୁଇ
			8482	0.95	0.15	ଶାରଦ ଦୁଇ
			8487	0.15	0.07	ଶାରଦ ଦୁଇ
			8530	1.43	0.53	ଶାରଦ ଦୁଇ
163	1723 ରୟତି	ଶ୍ରୀନିବାସ ପରିଡ଼ା, ପି: ବୈକୁଣ୍ଠ ନାଥ ପରିଡ଼ା, ଜା: ସଦଗୋପ, ବା: ନିଳଗିରି	6108	0.10	0.02	ଶାରଦ ଦୁଇ
			6105 / 11628	0.08	0.03	ଶାରଦ ଦୁଇ
164	1738 ରୟତି	ଶ୍ରୀଜାନ କୁମାର କୁଲୁଲା, ପି: ରଘୁନାଥ କୁଲୁଲା, ଜା: ସଦଗୋପ, ବା: ମାଳିକିଆ	6865	0.67	0.28	ଶାରଦ ଦୁଇ
165	1742 ରୟତି	ଶ୍ରୀଧର ପ୍ରଧାନ, ପି: ଶ୍ୟାମ ପ୍ରଧାନ, ଜା: ଗଉଡ଼, ବା: ନିଳଗିରି	8534	0.43	0.18	ଶାରଦ ଦୁଇ
166	1765 ରୟତି	ସୁଧାଂଶୁ ପ୍ରଧାନ, ପି: ଦିବାକର ପ୍ରଧାନ, ଜା: ଗଉଡ଼, ବା: ନିଳଗିରି	8418	0.23	0.23	ଶାରଦ ଦୁଇ
167	1766 ରୟତି	ସୁଧାଂଶୁ କୁମାର ବିଶ୍ୱାଳ, ପି: ପୀତାମ୍ବର ବିଶ୍ୱାଳ, ଜା: କରଣ, ବା: ନିଳଗିରି	10767	0.15	0.01	ଶାରଦ ଦୁଇ
			10769	0.25	0.08	ଶାରଦ ଦୁଇ
168	1792 ରୟତି	ସୁବାସିନୀ ଗାଣ୍ଡୀ, ପି: ଉଜ୍ଜିଳ ଗାଣ୍ଡୀ, ଜା: ଗଉଡ଼, ବା: ନିଳଗିରି	8228	0.50	0.03	ଶାରଦ ଦୁଇ
169	1803 ରୟତି	ସୁମନ କୁମାର ଘୋଷ, ପି: ପୂର୍ଣ୍ଣଚନ୍ଦ୍ର ଘୋଷ, ଜା: ସଦଗୋପ, ବା: ନିଳଗିରି	6990	0.44	0.20	ଶାରଦ ଦୁଇ
170	1813 ରୟତି	ସୁରେନ୍ଦ୍ର ପଟ୍ଟନାୟକ, ପି: ଉପେନ୍ଦ୍ର ପଟ୍ଟନାୟକ, ଜା: କରଣ, ବା: ନିଳଗିରି	2149	0.03	0.03	ଶାରଦ ଦୁଇ
SEE NEXT
